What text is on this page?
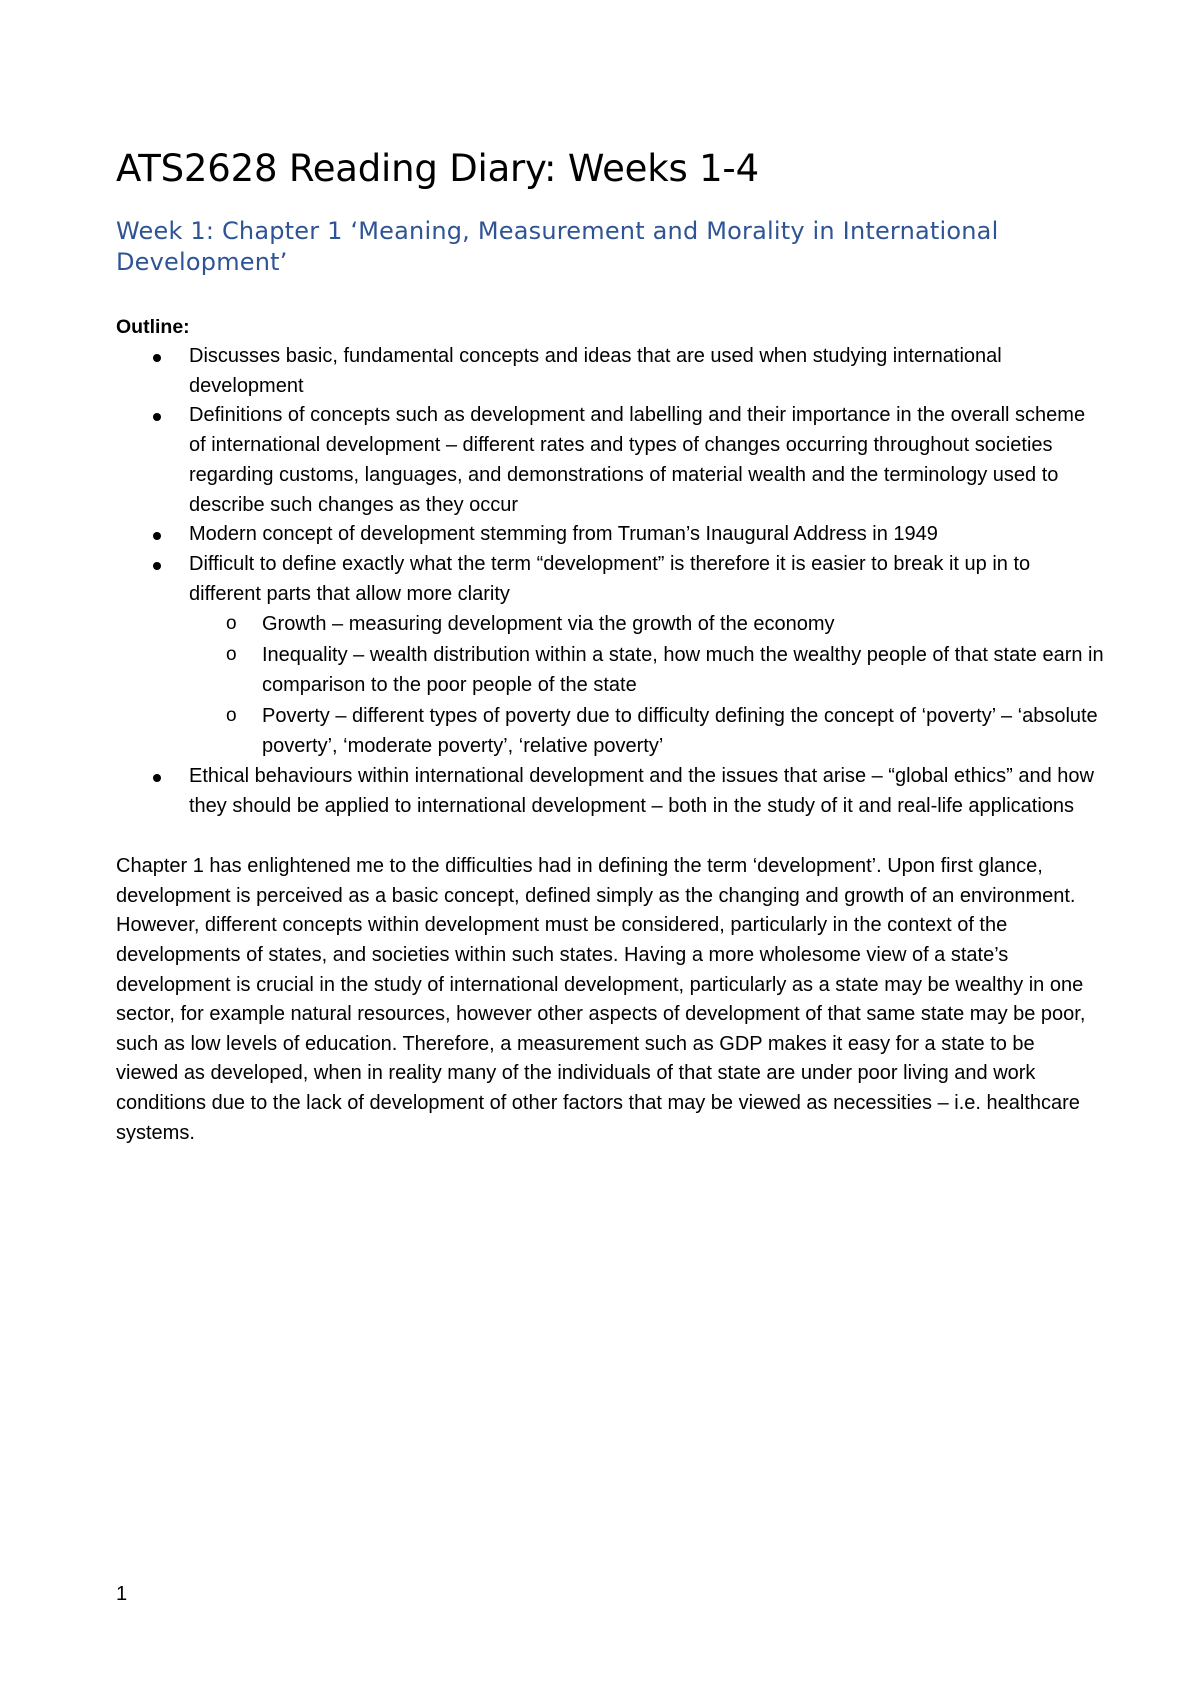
ATS2628 Reading Diary: Weeks 1-4
Week 1: Chapter 1 ‘Meaning, Measurement and Morality in International Development’
Outline:
Discusses basic, fundamental concepts and ideas that are used when studying international development
Definitions of concepts such as development and labelling and their importance in the overall scheme of international development – different rates and types of changes occurring throughout societies regarding customs, languages, and demonstrations of material wealth and the terminology used to describe such changes as they occur
Modern concept of development stemming from Truman’s Inaugural Address in 1949
Difficult to define exactly what the term “development” is therefore it is easier to break it up in to different parts that allow more clarity
o Growth – measuring development via the growth of the economy
o Inequality – wealth distribution within a state, how much the wealthy people of that state earn in comparison to the poor people of the state
o Poverty – different types of poverty due to difficulty defining the concept of ‘poverty’ – ‘absolute poverty’, ‘moderate poverty’, ‘relative poverty’
Ethical behaviours within international development and the issues that arise – “global ethics” and how they should be applied to international development – both in the study of it and real-life applications

Chapter 1 has enlightened me to the difficulties had in defining the term ‘development’. Upon first glance, development is perceived as a basic concept, defined simply as the changing and growth of an environment. However, different concepts within development must be considered, particularly in the context of the developments of states, and societies within such states. Having a more wholesome view of a state’s development is crucial in the study of international development, particularly as a state may be wealthy in one sector, for example natural resources, however other aspects of development of that same state may be poor, such as low levels of education. Therefore, a measurement such as GDP makes it easy for a state to be viewed as developed, when in reality many of the individuals of that state are under poor living and work conditions due to the lack of development of other factors that may be viewed as necessities – i.e. healthcare systems.

1
